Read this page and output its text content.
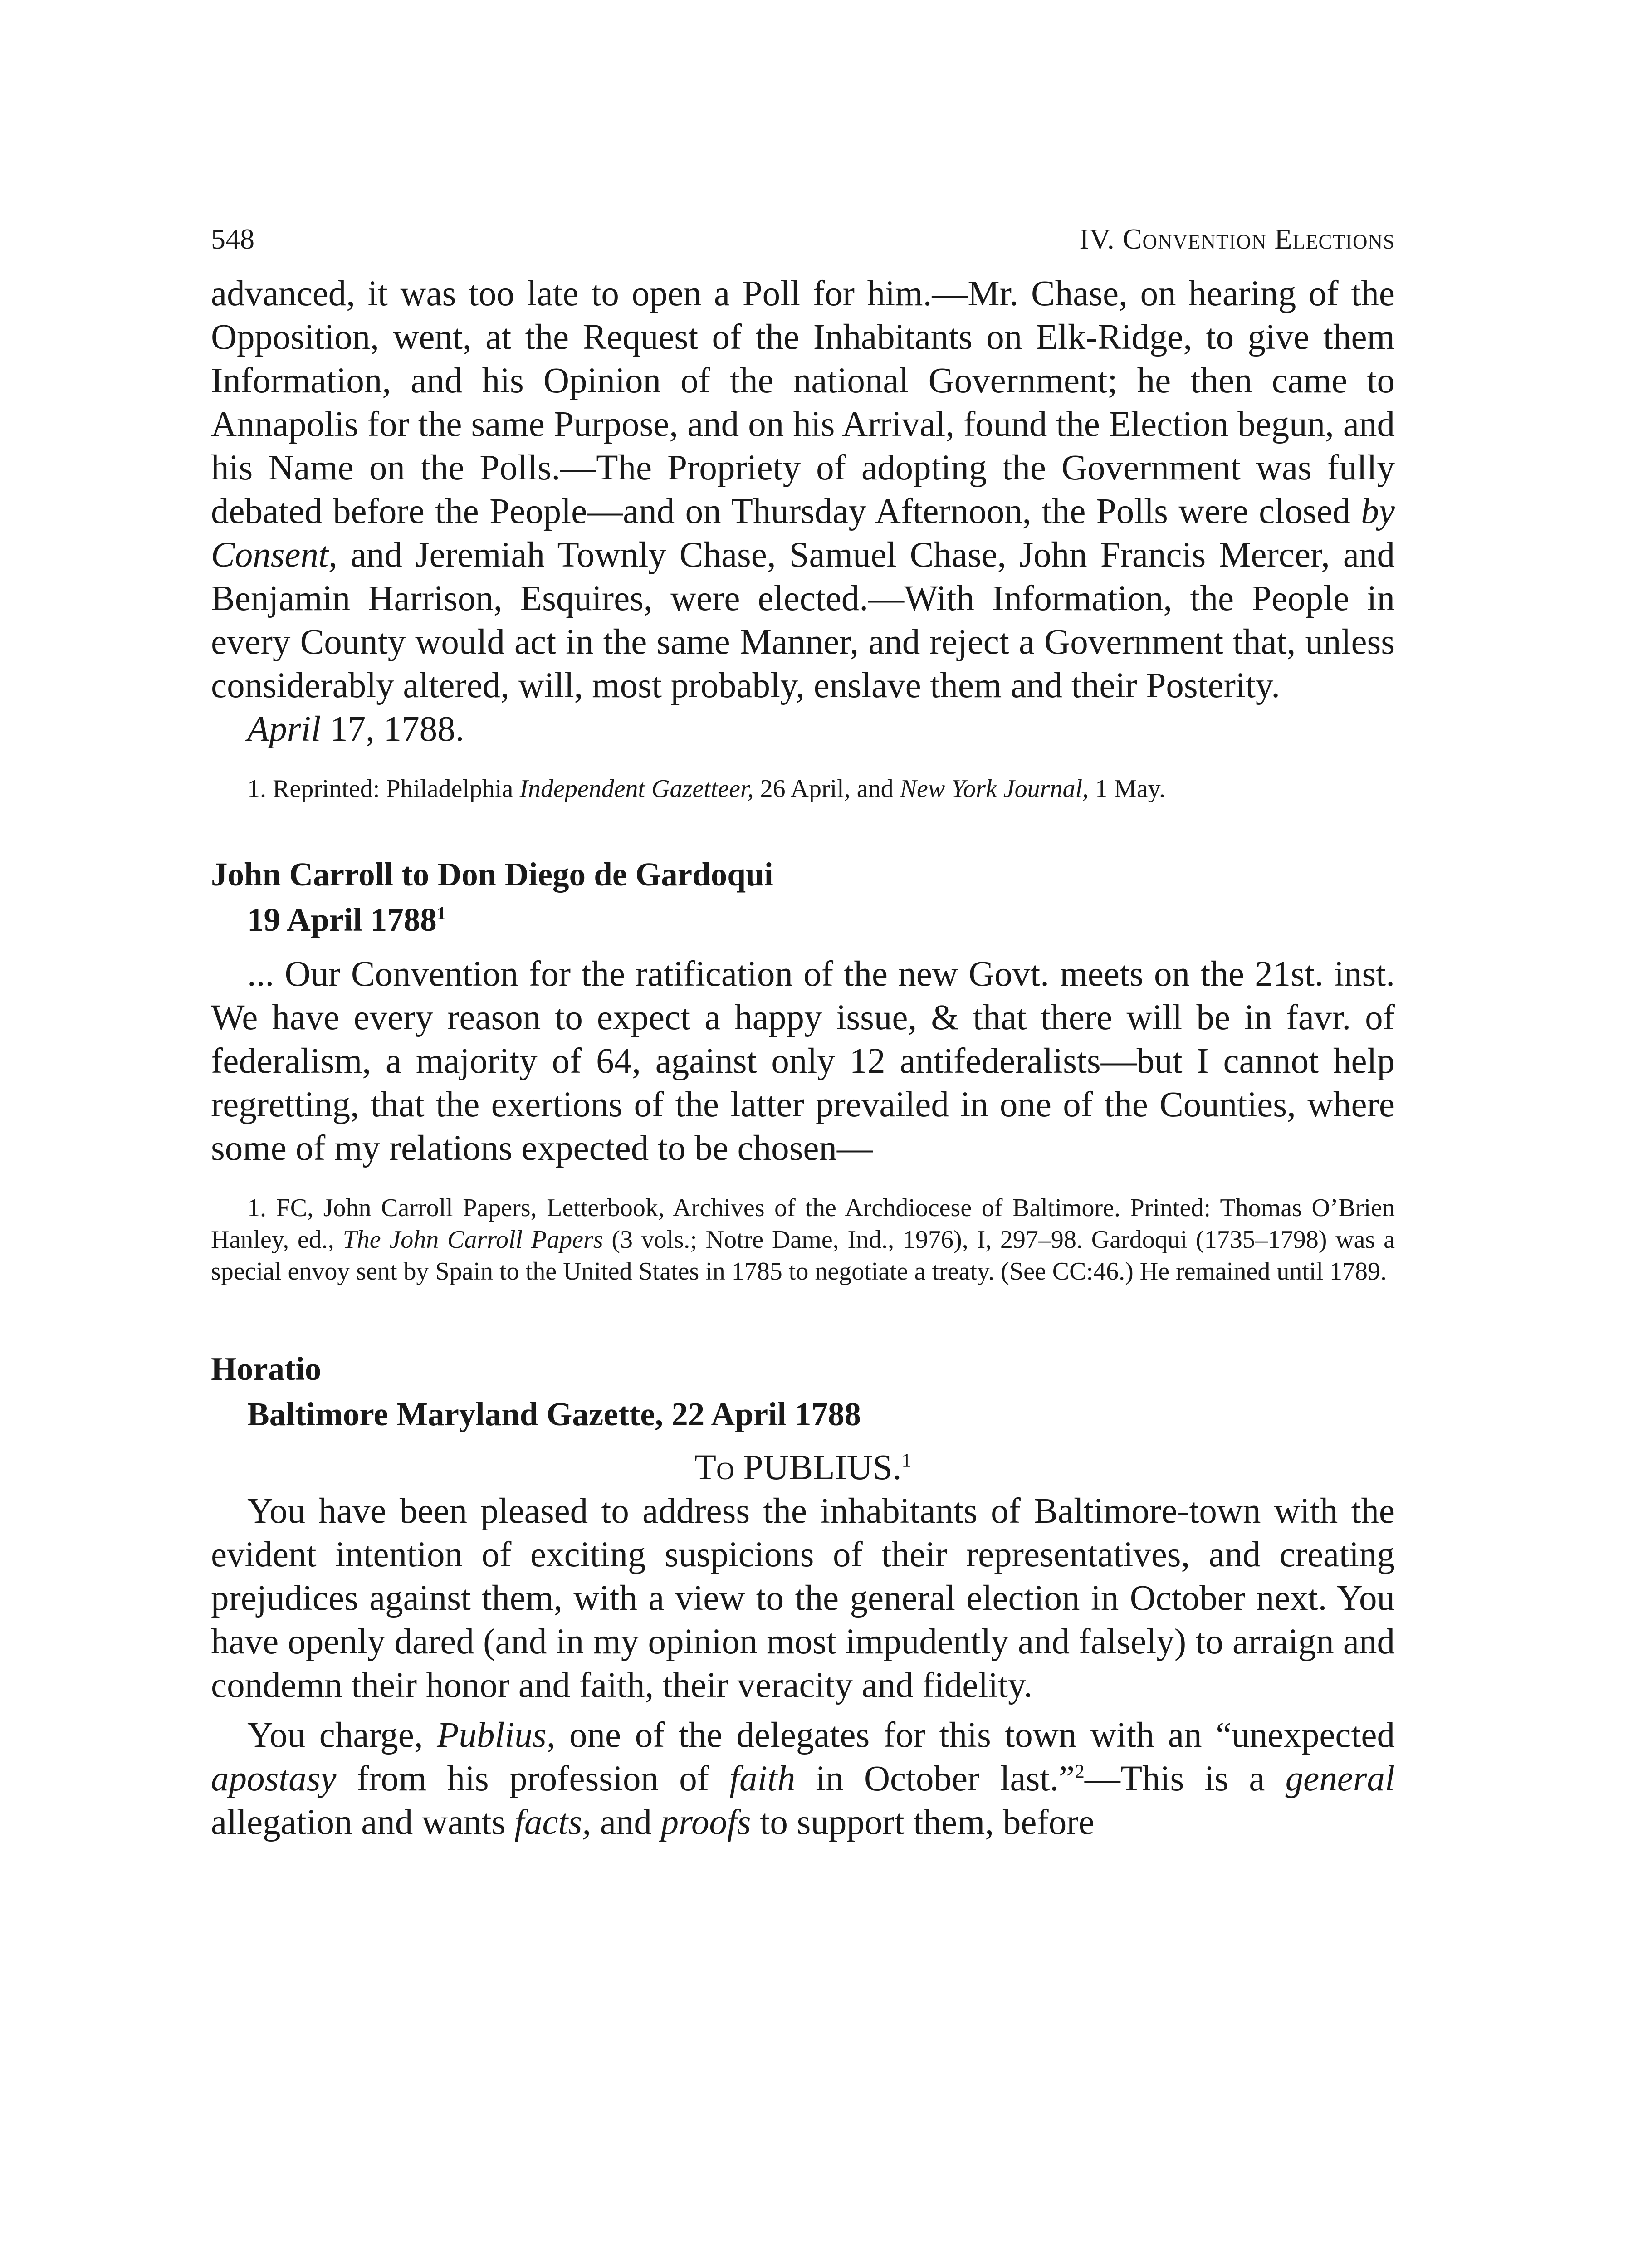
548	IV. Convention Elections

advanced, it was too late to open a Poll for him.—Mr. Chase, on hearing of the Opposition, went, at the Request of the Inhabitants on Elk-Ridge, to give them Information, and his Opinion of the national Government; he then came to Annapolis for the same Purpose, and on his Arrival, found the Election begun, and his Name on the Polls.—The Propriety of adopting the Government was fully debated before the People—and on Thursday Afternoon, the Polls were closed by Consent, and Jeremiah Townly Chase, Samuel Chase, John Francis Mercer, and Benjamin Harrison, Esquires, were elected.—With Information, the People in every County would act in the same Manner, and reject a Government that, unless considerably altered, will, most probably, enslave them and their Posterity.

April 17, 1788.

1. Reprinted: Philadelphia Independent Gazetteer, 26 April, and New York Journal, 1 May.

John Carroll to Don Diego de Gardoqui

19 April 1788$^1$

... Our Convention for the ratification of the new Govt. meets on the 21st. inst. We have every reason to expect a happy issue, & that there will be in favr. of federalism, a majority of 64, against only 12 antifederalists—but I cannot help regretting, that the exertions of the latter prevailed in one of the Counties, where some of my relations expected to be chosen—

1. FC, John Carroll Papers, Letterbook, Archives of the Archdiocese of Baltimore. Printed: Thomas O’Brien Hanley, ed., The John Carroll Papers (3 vols.; Notre Dame, Ind., 1976), I, 297–98. Gardoqui (1735–1798) was a special envoy sent by Spain to the United States in 1785 to negotiate a treaty. (See CC:46.) He remained until 1789.

Horatio

Baltimore Maryland Gazette, 22 April 1788

To PUBLIUS.$^1$

You have been pleased to address the inhabitants of Baltimore-town with the evident intention of exciting suspicions of their representatives, and creating prejudices against them, with a view to the general election in October next. You have openly dared (and in my opinion most impudently and falsely) to arraign and condemn their honor and faith, their veracity and fidelity.

You charge, Publius, one of the delegates for this town with an “unexpected apostasy from his profession of faith in October last.”$^2$—This is a general allegation and wants facts, and proofs to support them, before
